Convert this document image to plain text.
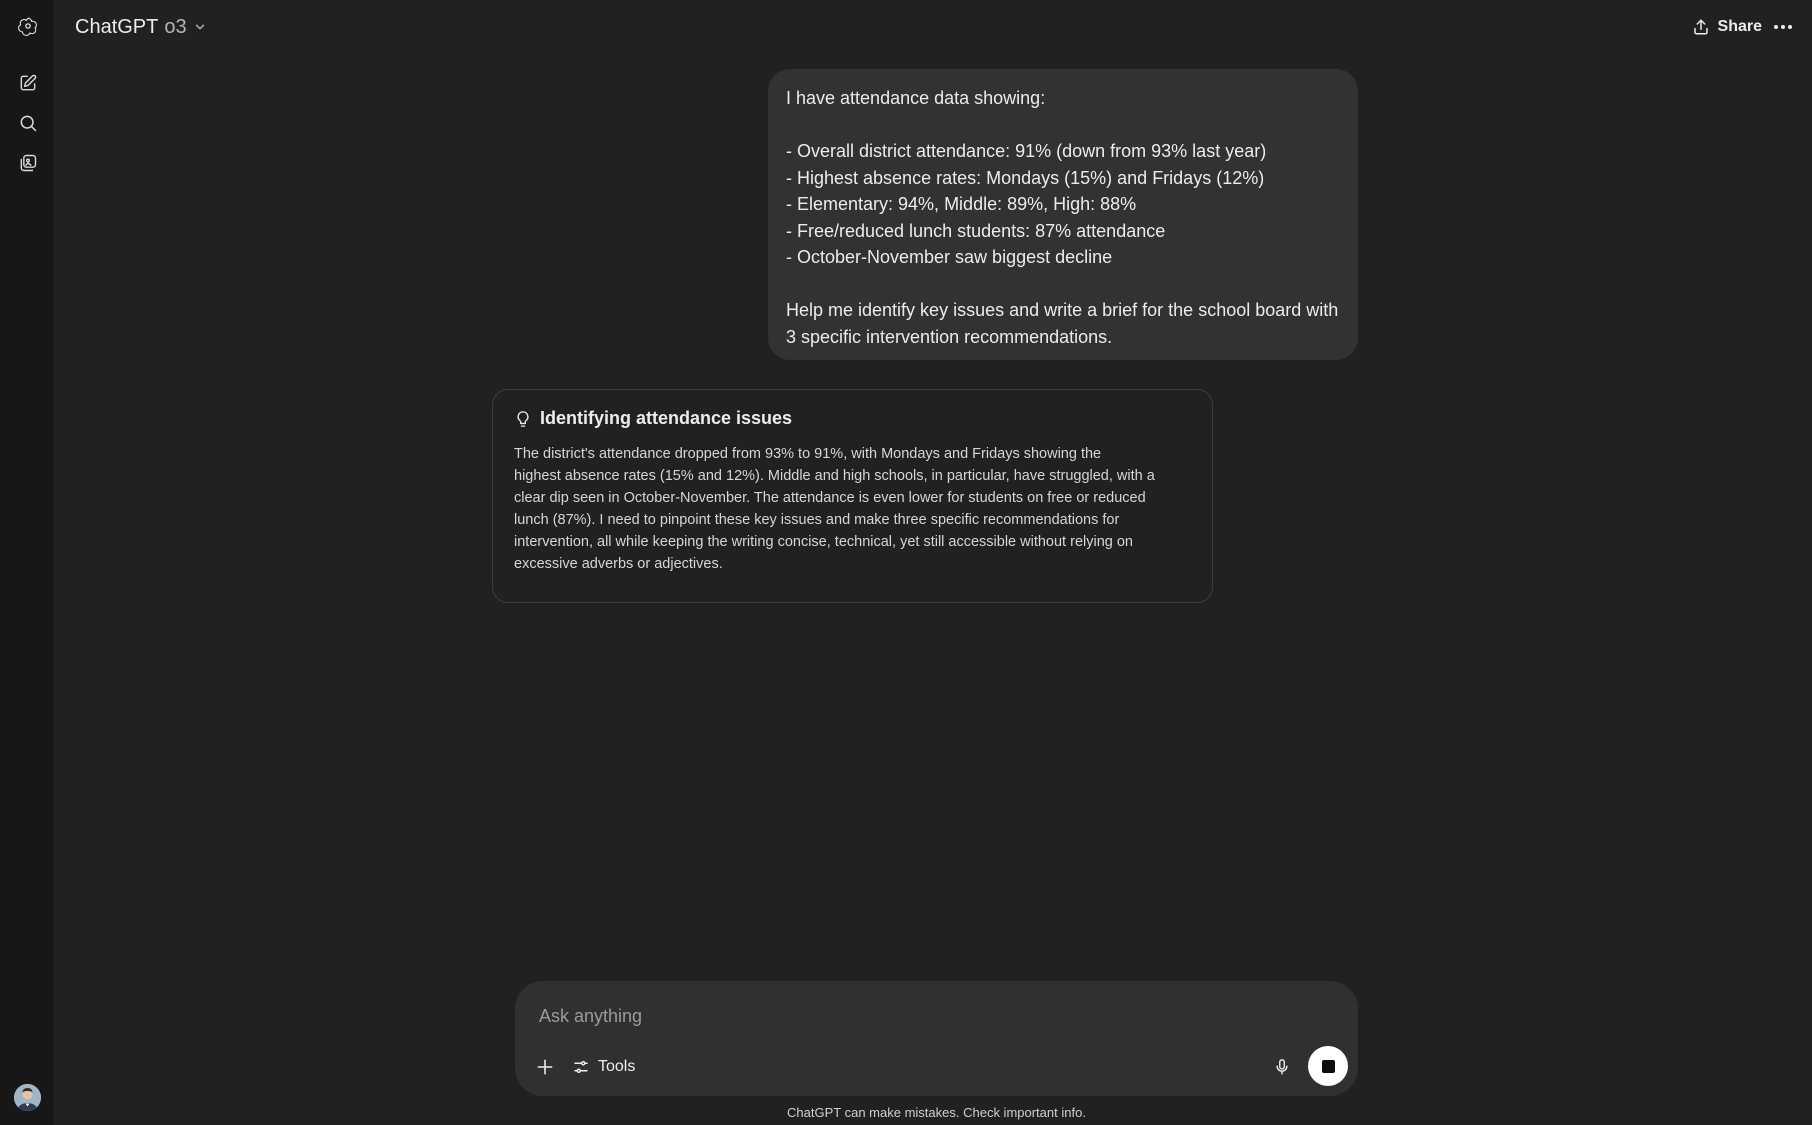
ChatGPT o3	Share

I have attendance data showing:

- Overall district attendance: 91% (down from 93% last year)

- Highest absence rates: Mondays (15%) and Fridays (12%)

- Elementary: 94%, Middle: 89%, High: 88%

- Free/reduced lunch students: 87% attendance

- October-November saw biggest decline

Help me identify key issues and write a brief for the school board with

3 specific intervention recommendations.

Identifying attendance issues
The district's attendance dropped from 93% to 91%, with Mondays and Fridays showing the
highest absence rates (15% and 12%). Middle and high schools, in particular, have struggled, with a
clear dip seen in October-November. The attendance is even lower for students on free or reduced
lunch (87%). I need to pinpoint these key issues and make three specific recommendations for
intervention, all while keeping the writing concise, technical, yet still accessible without relying on
excessive adverbs or adjectives.
Ask anything
Tools
ChatGPT can make mistakes. Check important info.
